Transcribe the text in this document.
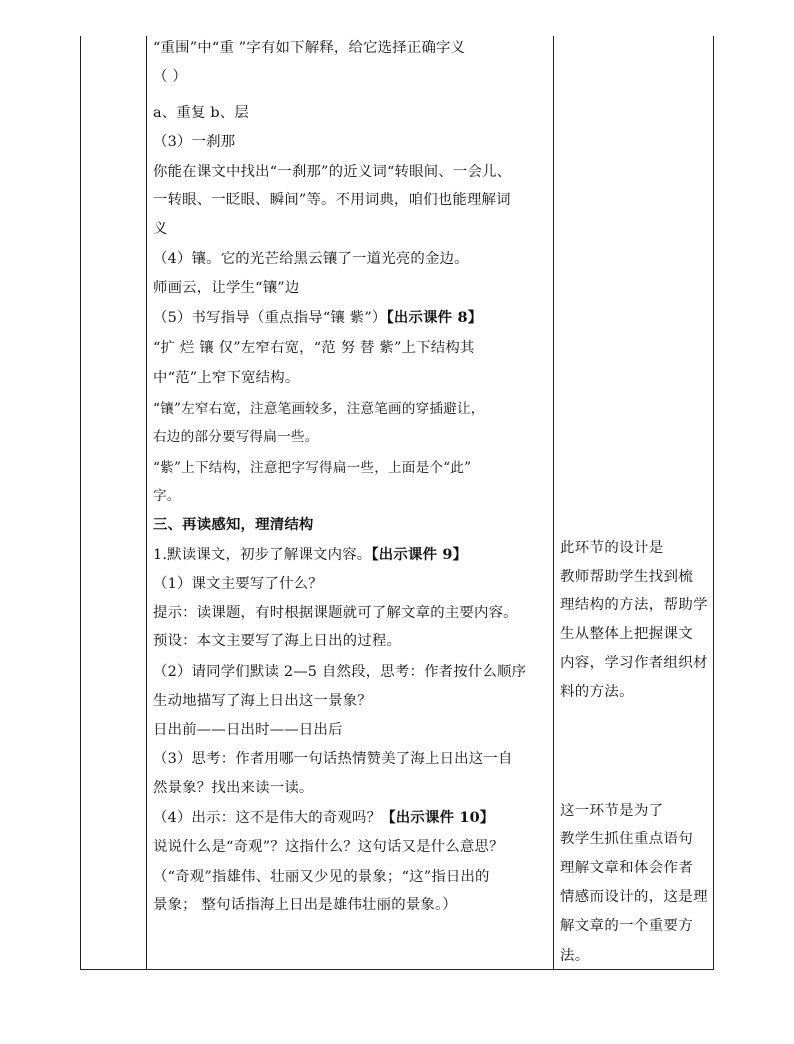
“重围”中“重 ”字有如下解释，给它选择正确字义
（ ）
a、重复 b、层
（3）一刹那
你能在课文中找出“一刹那”的近义词“转眼间、一会儿、
一转眼、一眨眼、瞬间”等。不用词典，咱们也能理解词
义
（4）镶。它的光芒给黑云镶了一道光亮的金边。
师画云，让学生“镶”边
（5）书写指导（重点指导“镶 紫”）【出示课件 8】
“扩 烂 镶 仅”左窄右宽，“范 努 替 紫”上下结构其
中“范”上窄下宽结构。
“镶”左窄右宽，注意笔画较多，注意笔画的穿插避让，
右边的部分要写得扁一些。
“紫”上下结构，注意把字写得扁一些，上面是个“此”
字。
三、再读感知，理清结构
1.默读课文，初步了解课文内容。【出示课件 9】
（1）课文主要写了什么？
提示：读课题，有时根据课题就可了解文章的主要内容。
预设：本文主要写了海上日出的过程。
（2）请同学们默读 2—5 自然段，思考：作者按什么顺序
生动地描写了海上日出这一景象？
日出前——日出时——日出后
（3）思考：作者用哪一句话热情赞美了海上日出这一自
然景象？找出来读一读。
（4）出示：这不是伟大的奇观吗？【出示课件 10】
说说什么是“奇观”？这指什么？这句话又是什么意思？
（“奇观”指雄伟、壮丽又少见的景象；“这”指日出的
景象； 整句话指海上日出是雄伟壮丽的景象。）
此环节的设计是
教师帮助学生找到梳
理结构的方法，帮助学
生从整体上把握课文
内容，学习作者组织材
料的方法。
这一环节是为了
教学生抓住重点语句
理解文章和体会作者
情感而设计的，这是理
解文章的一个重要方
法。
